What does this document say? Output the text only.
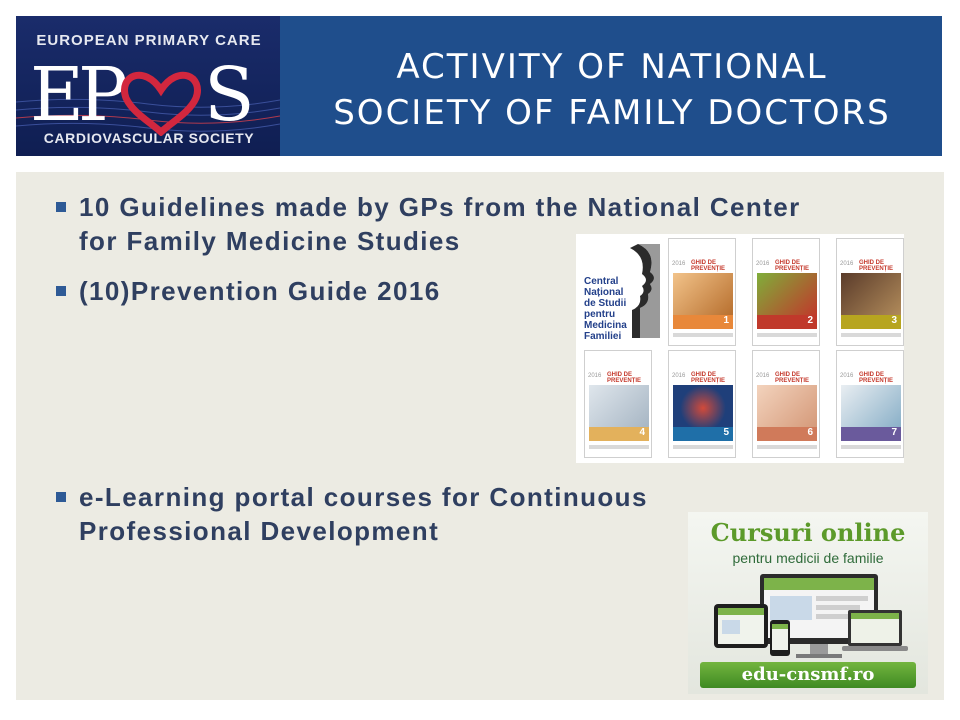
EUROPEAN PRIMARY CARE
E
P S
CARDIOVASCULAR SOCIETY
ACTIVITY OF NATIONAL
SOCIETY OF FAMILY DOCTORS
10 Guidelines made by GPs from the National Center
for Family Medicine Studies
(10)Prevention Guide 2016	Central
Național
de Studii
pentru
Medicina
Familiei
2016 GHID DE PREVENȚIE
1
2016 GHID DE PREVENȚIE
2
2016 GHID DE PREVENȚIE
3
2016 GHID DE PREVENȚIE
4
2016 GHID DE PREVENȚIE
5
2016 GHID DE PREVENȚIE
6
2016 GHID DE PREVENȚIE
7
e-Learning portal courses for Continuous
Professional Development	Cursuri online
pentru medicii de familie
edu-cnsmf.ro
